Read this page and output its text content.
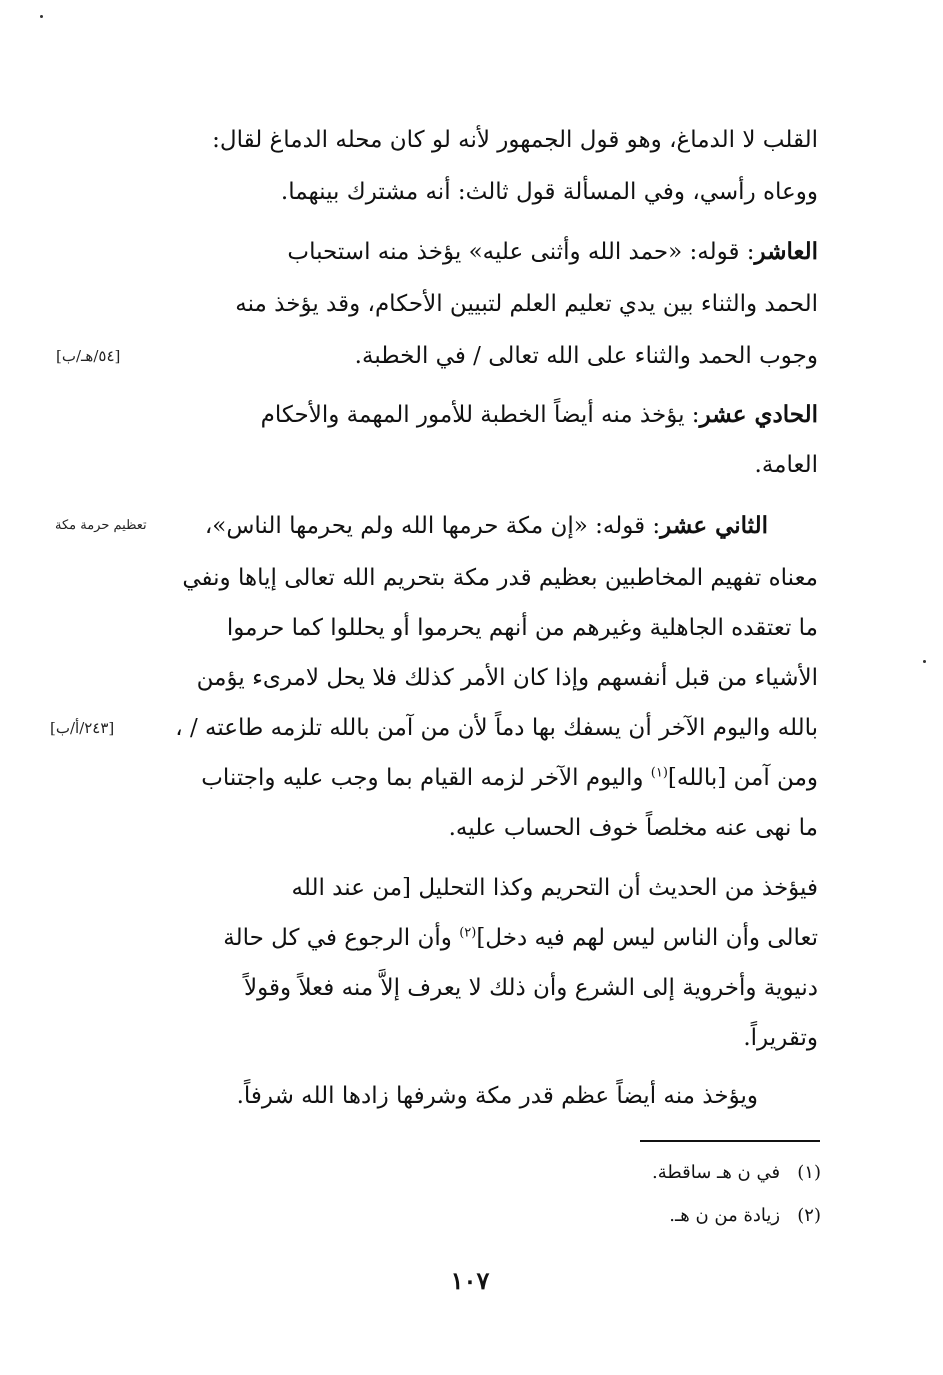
القلب لا الدماغ، وهو قول الجمهور لأنه لو كان محله الدماغ لقال:
ووعاه رأسي، وفي المسألة قول ثالث: أنه مشترك بينهما.
العاشر: قوله: «حمد الله وأثنى عليه» يؤخذ منه استحباب
الحمد والثناء بين يدي تعليم العلم لتبيين الأحكام، وقد يؤخذ منه
وجوب الحمد والثناء على الله تعالى / في الخطبة.
[٥٤/هـ/ب]
الحادي عشر: يؤخذ منه أيضاً الخطبة للأمور المهمة والأحكام
العامة.
الثاني عشر: قوله: «إن مكة حرمها الله ولم يحرمها الناس»،
تعظيم حرمة مكة
معناه تفهيم المخاطبين بعظيم قدر مكة بتحريم الله تعالى إياها ونفي
ما تعتقده الجاهلية وغيرهم من أنهم يحرموا أو يحللوا كما حرموا
الأشياء من قبل أنفسهم وإذا كان الأمر كذلك فلا يحل لامرىء يؤمن
بالله واليوم الآخر أن يسفك بها دماً لأن من آمن بالله تلزمه طاعته / ،
[٢٤٣/أ/ب]
ومن آمن [بالله]$^{(١)}$ واليوم الآخر لزمه القيام بما وجب عليه واجتناب
ما نهى عنه مخلصاً خوف الحساب عليه.
فيؤخذ من الحديث أن التحريم وكذا التحليل [من عند الله
تعالى وأن الناس ليس لهم فيه دخل]$^{(٢)}$ وأن الرجوع في كل حالة
دنيوية وأخروية إلى الشرع وأن ذلك لا يعرف إلاَّ منه فعلاً وقولاً
وتقريراً.
ويؤخذ منه أيضاً عظم قدر مكة وشرفها زادها الله شرفاً.
(١)   في ن هـ ساقطة.
(٢)   زيادة من ن هـ.
١٠٧
